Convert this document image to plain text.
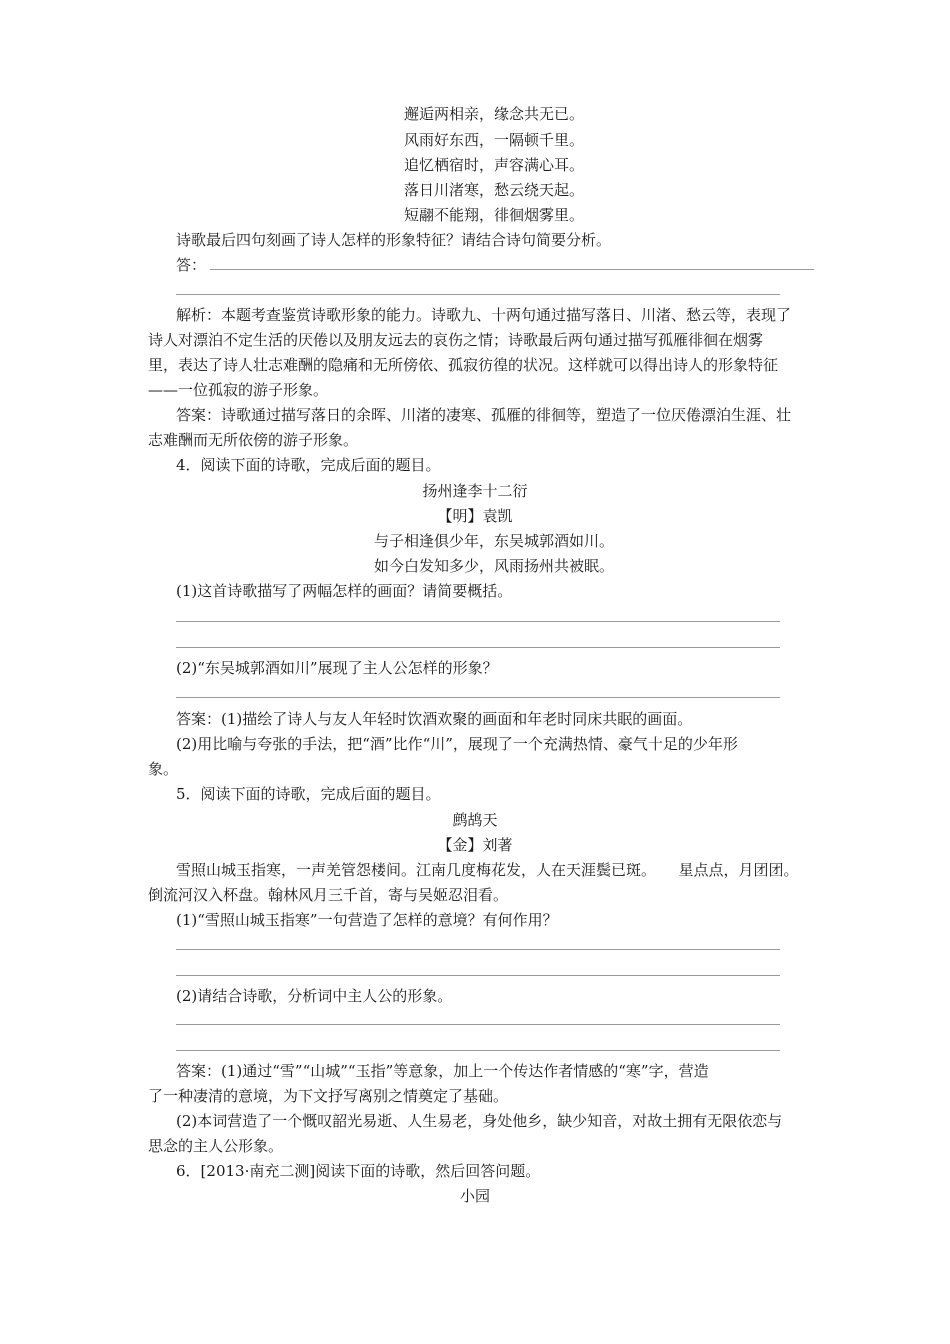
邂逅两相亲，缘念共无已。
风雨好东西，一隔顿千里。
追忆栖宿时，声容满心耳。
落日川渚寒，愁云绕天起。
短翮不能翔，徘徊烟雾里。
诗歌最后四句刻画了诗人怎样的形象特征？请结合诗句简要分析。
答：
解析：本题考查鉴赏诗歌形象的能力。诗歌九、十两句通过描写落日、川渚、愁云等，表现了
诗人对漂泊不定生活的厌倦以及朋友远去的哀伤之情；诗歌最后两句通过描写孤雁徘徊在烟雾
里，表达了诗人壮志难酬的隐痛和无所傍依、孤寂彷徨的状况。这样就可以得出诗人的形象特征
——一位孤寂的游子形象。
答案：诗歌通过描写落日的余晖、川渚的凄寒、孤雁的徘徊等，塑造了一位厌倦漂泊生涯、壮
志难酬而无所依傍的游子形象。
4．阅读下面的诗歌，完成后面的题目。
扬州逢李十二衍
【明】袁凯
与子相逢俱少年，东吴城郭酒如川。
如今白发知多少，风雨扬州共被眠。
(1)这首诗歌描写了两幅怎样的画面？请简要概括。
(2)“东吴城郭酒如川”展现了主人公怎样的形象？
答案：(1)描绘了诗人与友人年轻时饮酒欢聚的画面和年老时同床共眠的画面。
(2)用比喻与夸张的手法，把“酒”比作“川”，展现了一个充满热情、豪气十足的少年形
象。
5．阅读下面的诗歌，完成后面的题目。
鹧鸪天
【金】刘著
雪照山城玉指寒，一声羌管怨楼间。江南几度梅花发，人在天涯鬓已斑。　　星点点，月团团。
倒流河汉入杯盘。翰林风月三千首，寄与吴姬忍泪看。
(1)“雪照山城玉指寒”一句营造了怎样的意境？有何作用？
(2)请结合诗歌，分析词中主人公的形象。
答案：(1)通过“雪”“山城”“玉指”等意象，加上一个传达作者情感的“寒”字，营造
了一种凄清的意境，为下文抒写离别之情奠定了基础。
(2)本词营造了一个慨叹韶光易逝、人生易老，身处他乡，缺少知音，对故土拥有无限依恋与
思念的主人公形象。
6．[2013·南充二测]阅读下面的诗歌，然后回答问题。
小园
